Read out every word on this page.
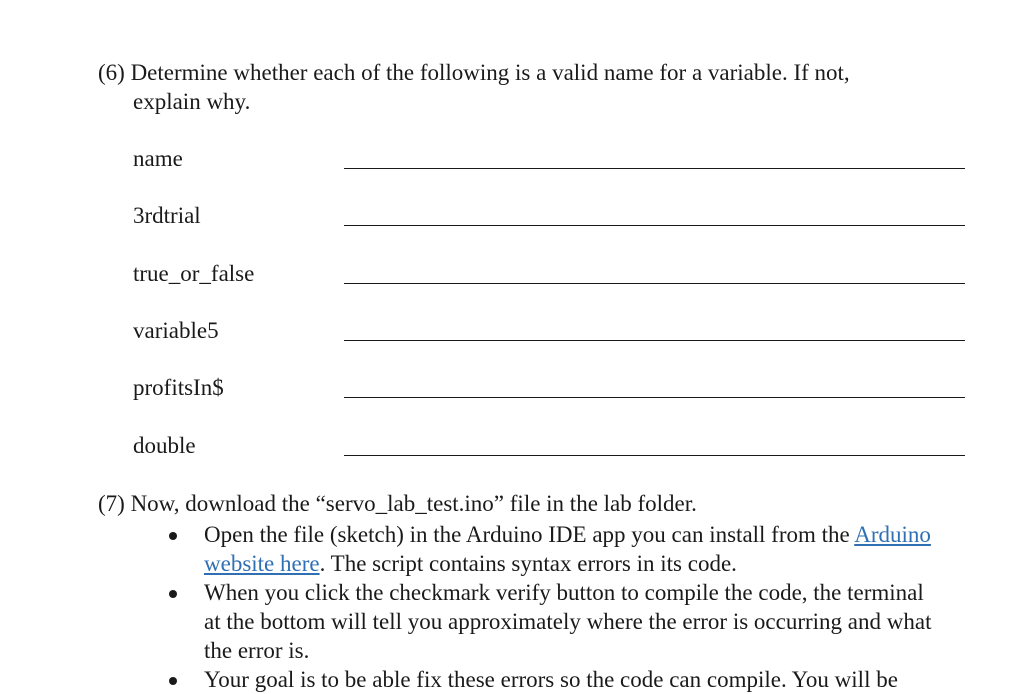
(6) Determine whether each of the following is a valid name for a variable. If not,
explain why.
name
3rdtrial
true_or_false
variable5
profitsIn$
double
(7) Now, download the “servo_lab_test.ino” file in the lab folder.
Open the file (sketch) in the Arduino IDE app you can install from the Arduino website here. The script contains syntax errors in its code.
When you click the checkmark verify button to compile the code, the terminal at the bottom will tell you approximately where the error is occurring and what the error is.
Your goal is to be able fix these errors so the code can compile. You will be
